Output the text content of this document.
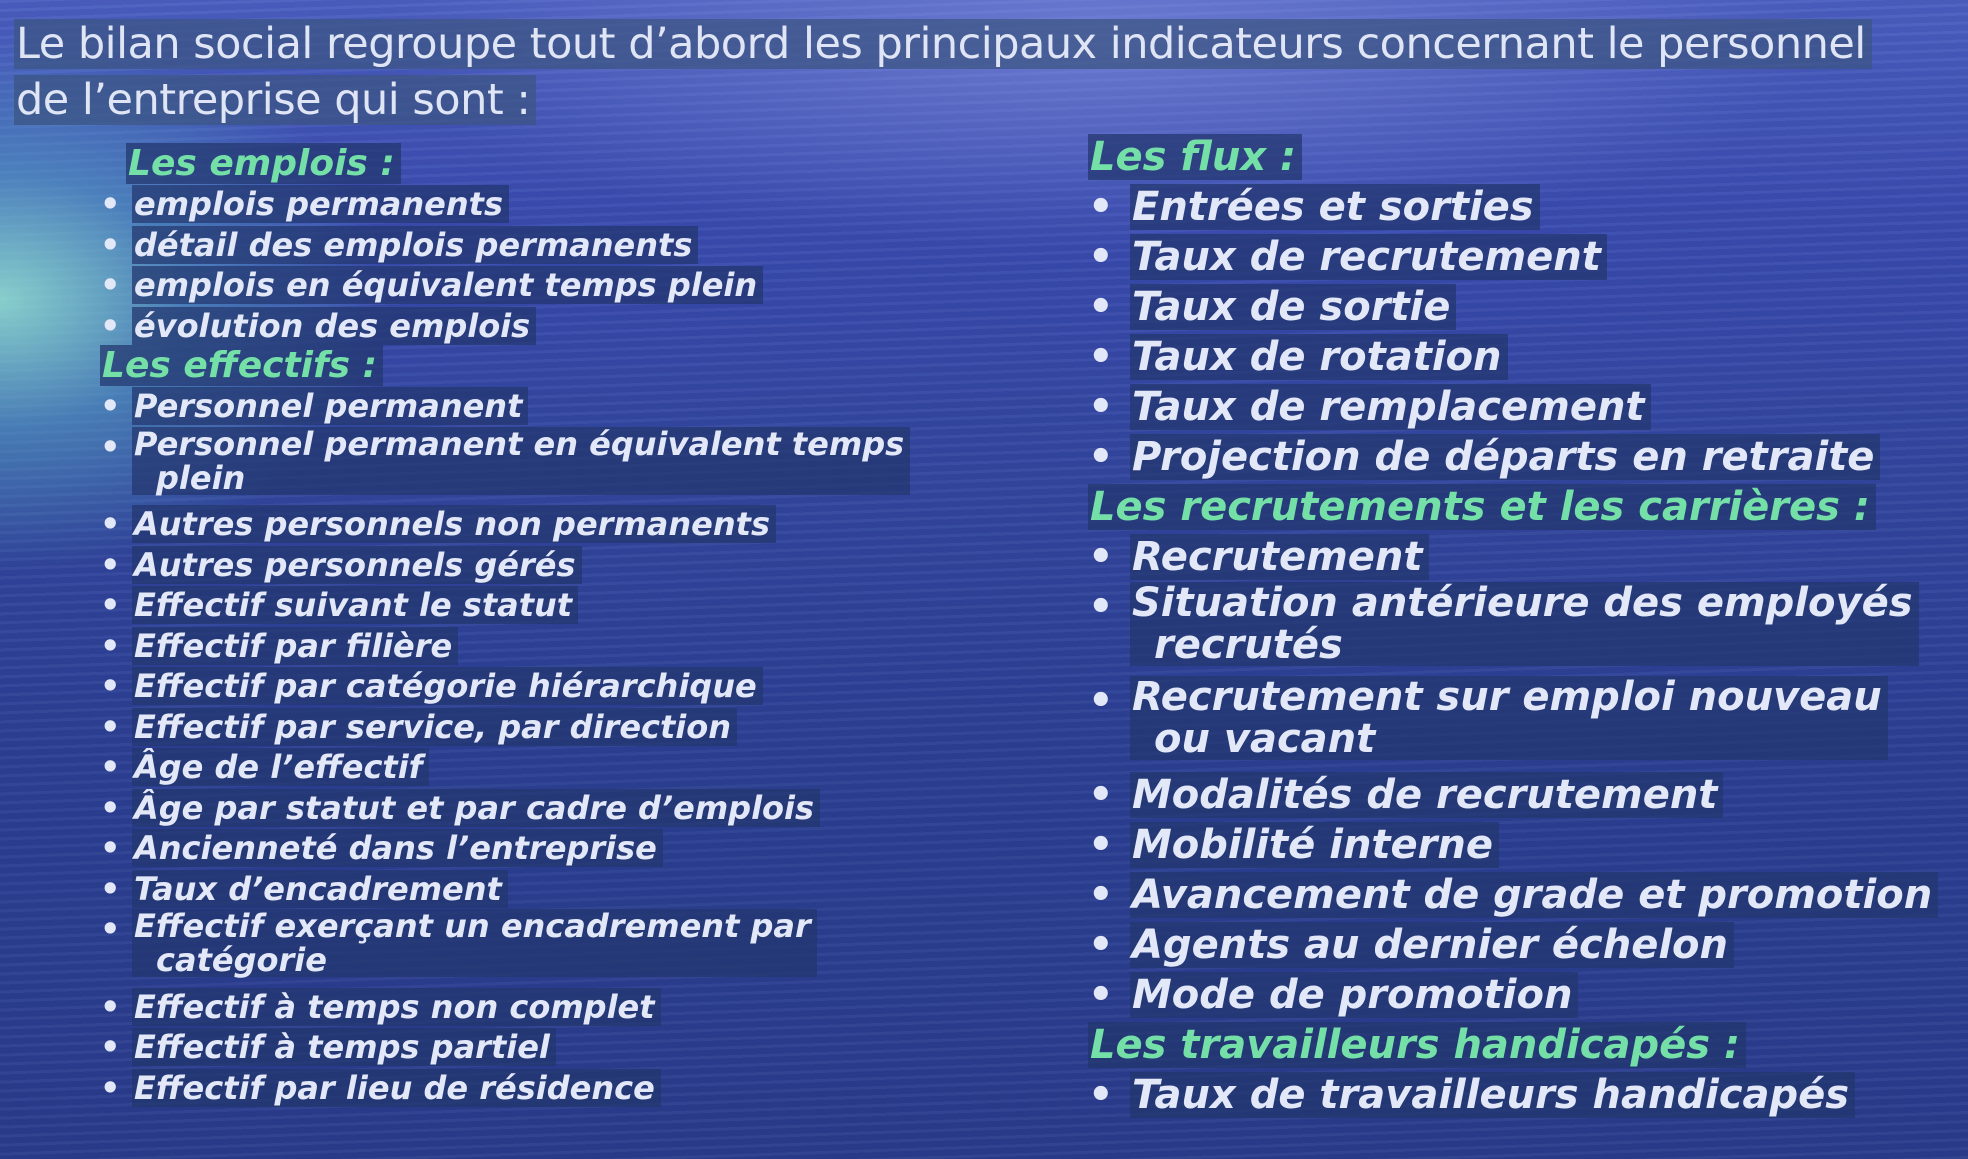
Le bilan social regroupe tout d’abord les principaux indicateurs concernant le personnel de l’entreprise qui sont :

Les emplois :
• emplois permanents
• détail des emplois permanents
• emplois en équivalent temps plein
• évolution des emplois
Les effectifs :
• Personnel permanent
• Personnel permanent en équivalent temps
plein
• Autres personnels non permanents
• Autres personnels gérés
• Effectif suivant le statut
• Effectif par filière
• Effectif par catégorie hiérarchique
• Effectif par service, par direction
• Âge de l’effectif
• Âge par statut et par cadre d’emplois
• Ancienneté dans l’entreprise
• Taux d’encadrement
• Effectif exerçant un encadrement par
catégorie
• Effectif à temps non complet
• Effectif à temps partiel
• Effectif par lieu de résidence
Les flux :
• Entrées et sorties
• Taux de recrutement
• Taux de sortie
• Taux de rotation
• Taux de remplacement
• Projection de départs en retraite
Les recrutements et les carrières :
• Recrutement
• Situation antérieure des employés
recrutés
• Recrutement sur emploi nouveau
ou vacant
• Modalités de recrutement
• Mobilité interne
• Avancement de grade et promotion
• Agents au dernier échelon
• Mode de promotion
Les travailleurs handicapés :
• Taux de travailleurs handicapés
